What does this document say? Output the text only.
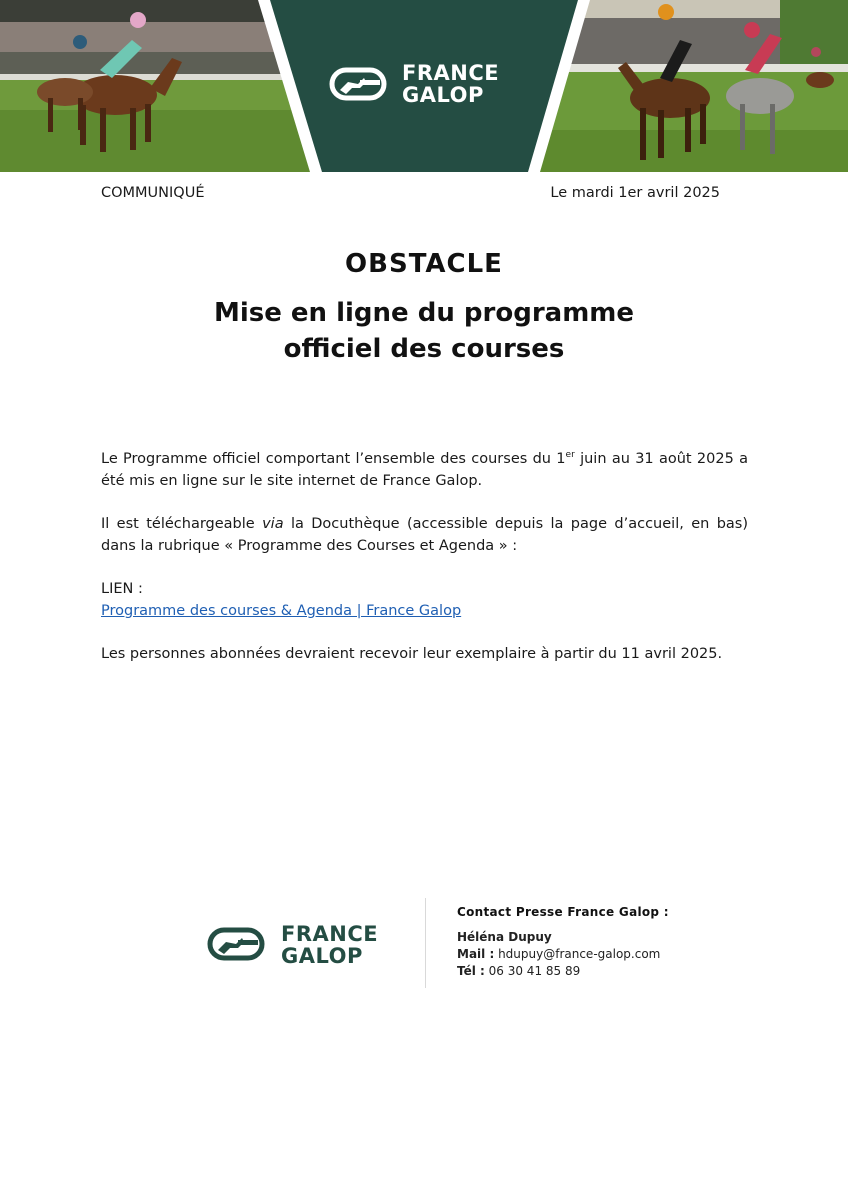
FRANCE
GALOP
COMMUNIQUÉ	Le mardi 1er avril 2025
OBSTACLE
Mise en ligne du programme
officiel des courses
Le Programme officiel comportant l’ensemble des courses du 1er juin au 31 août 2025 a été mis en ligne sur le site internet de France Galop.
Il est téléchargeable via la Docuthèque (accessible depuis la page d’accueil, en bas) dans la rubrique « Programme des Courses et Agenda » :
LIEN :
Programme des courses & Agenda | France Galop
Les personnes abonnées devraient recevoir leur exemplaire à partir du 11 avril 2025.
FRANCE
GALOP
Contact Presse France Galop :
Héléna Dupuy
Mail : hdupuy@france-galop.com
Tél : 06 30 41 85 89
